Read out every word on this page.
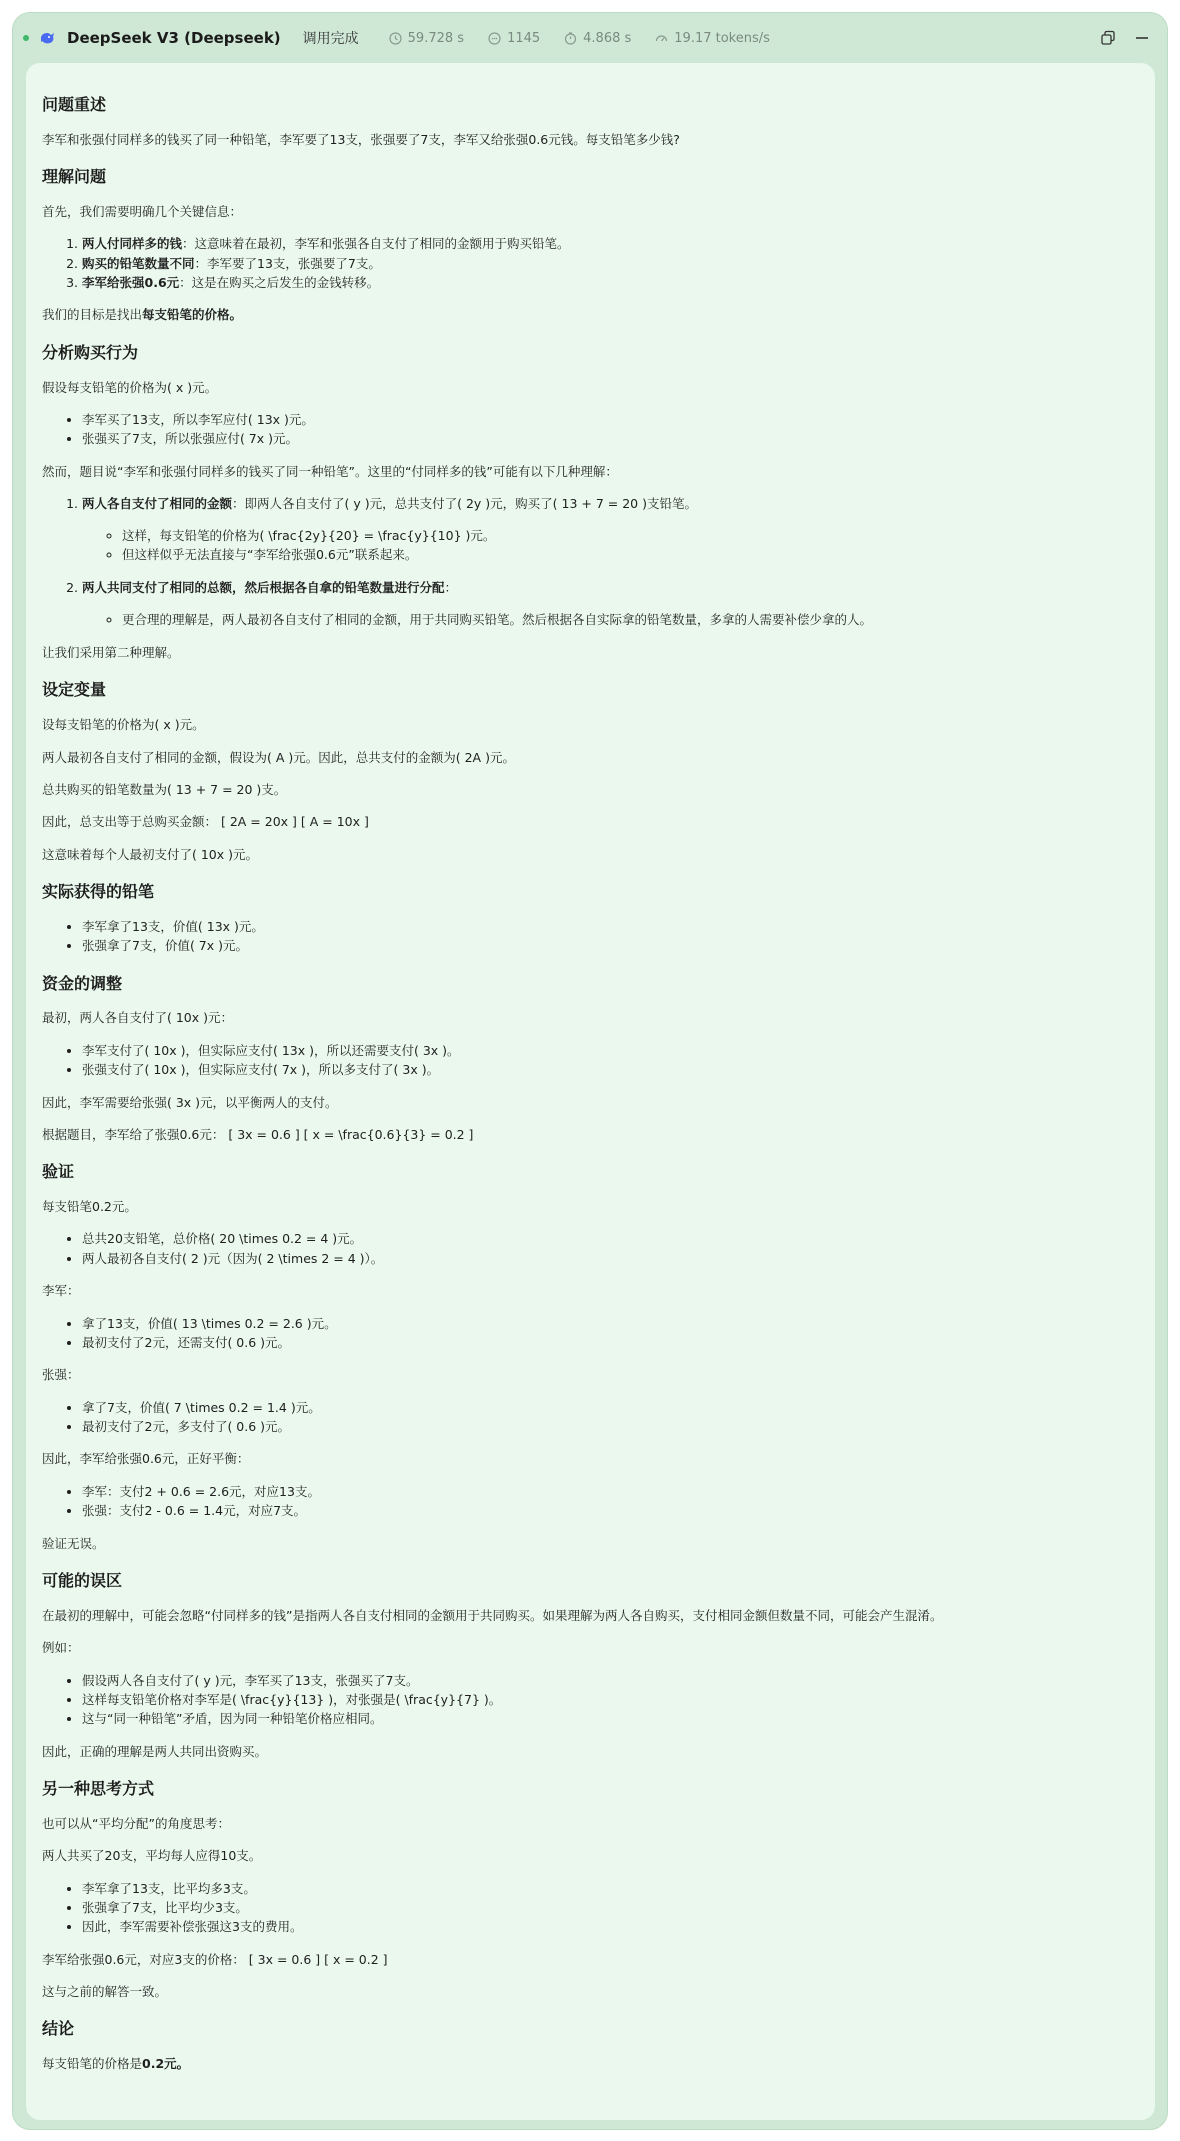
DeepSeek V3 (Deepseek) 调用完成	59.728 s	1145	4.868 s	19.17 tokens/s
问题重述

李军和张强付同样多的钱买了同一种铅笔，李军要了13支，张强要了7支，李军又给张强0.6元钱。每支铅笔多少钱?

理解问题

首先，我们需要明确几个关键信息：

1. 两人付同样多的钱：这意味着在最初，李军和张强各自支付了相同的金额用于购买铅笔。
2. 购买的铅笔数量不同：李军要了13支，张强要了7支。
3. 李军给张强0.6元：这是在购买之后发生的金钱转移。

我们的目标是找出每支铅笔的价格。

分析购买行为

假设每支铅笔的价格为( x )元。

• 李军买了13支，所以李军应付( 13x )元。
• 张强买了7支，所以张强应付( 7x )元。

然而，题目说“李军和张强付同样多的钱买了同一种铅笔”。这里的“付同样多的钱”可能有以下几种理解：

1. 两人各自支付了相同的金额：即两人各自支付了( y )元，总共支付了( 2y )元，购买了( 13 + 7 = 20 )支铅笔。
◦ 这样，每支铅笔的价格为( \frac{2y}{20} = \frac{y}{10} )元。
◦ 但这样似乎无法直接与“李军给张强0.6元”联系起来。
2. 两人共同支付了相同的总额，然后根据各自拿的铅笔数量进行分配：
◦ 更合理的理解是，两人最初各自支付了相同的金额，用于共同购买铅笔。然后根据各自实际拿的铅笔数量，多拿的人需要补偿少拿的人。

让我们采用第二种理解。

设定变量

设每支铅笔的价格为( x )元。

两人最初各自支付了相同的金额，假设为( A )元。因此，总共支付的金额为( 2A )元。

总共购买的铅笔数量为( 13 + 7 = 20 )支。

因此，总支出等于总购买金额： [ 2A = 20x ] [ A = 10x ]

这意味着每个人最初支付了( 10x )元。

实际获得的铅笔
• 李军拿了13支，价值( 13x )元。
• 张强拿了7支，价值( 7x )元。
资金的调整

最初，两人各自支付了( 10x )元：

• 李军支付了( 10x )，但实际应支付( 13x )，所以还需要支付( 3x )。
• 张强支付了( 10x )，但实际应支付( 7x )，所以多支付了( 3x )。

因此，李军需要给张强( 3x )元，以平衡两人的支付。

根据题目，李军给了张强0.6元： [ 3x = 0.6 ] [ x = \frac{0.6}{3} = 0.2 ]

验证

每支铅笔0.2元。

• 总共20支铅笔，总价格( 20 \times 0.2 = 4 )元。
• 两人最初各自支付( 2 )元（因为( 2 \times 2 = 4 )）。

李军：

• 拿了13支，价值( 13 \times 0.2 = 2.6 )元。
• 最初支付了2元，还需支付( 0.6 )元。

张强：

• 拿了7支，价值( 7 \times 0.2 = 1.4 )元。
• 最初支付了2元，多支付了( 0.6 )元。

因此，李军给张强0.6元，正好平衡：

• 李军：支付2 + 0.6 = 2.6元，对应13支。
• 张强：支付2 - 0.6 = 1.4元，对应7支。

验证无误。

可能的误区

在最初的理解中，可能会忽略“付同样多的钱”是指两人各自支付相同的金额用于共同购买。如果理解为两人各自购买，支付相同金额但数量不同，可能会产生混淆。

例如：

• 假设两人各自支付了( y )元，李军买了13支，张强买了7支。
• 这样每支铅笔价格对李军是( \frac{y}{13} )，对张强是( \frac{y}{7} )。
• 这与“同一种铅笔”矛盾，因为同一种铅笔价格应相同。

因此，正确的理解是两人共同出资购买。

另一种思考方式

也可以从“平均分配”的角度思考：

两人共买了20支，平均每人应得10支。

• 李军拿了13支，比平均多3支。
• 张强拿了7支，比平均少3支。
• 因此，李军需要补偿张强这3支的费用。

李军给张强0.6元，对应3支的价格： [ 3x = 0.6 ] [ x = 0.2 ]

这与之前的解答一致。

结论

每支铅笔的价格是0.2元。
